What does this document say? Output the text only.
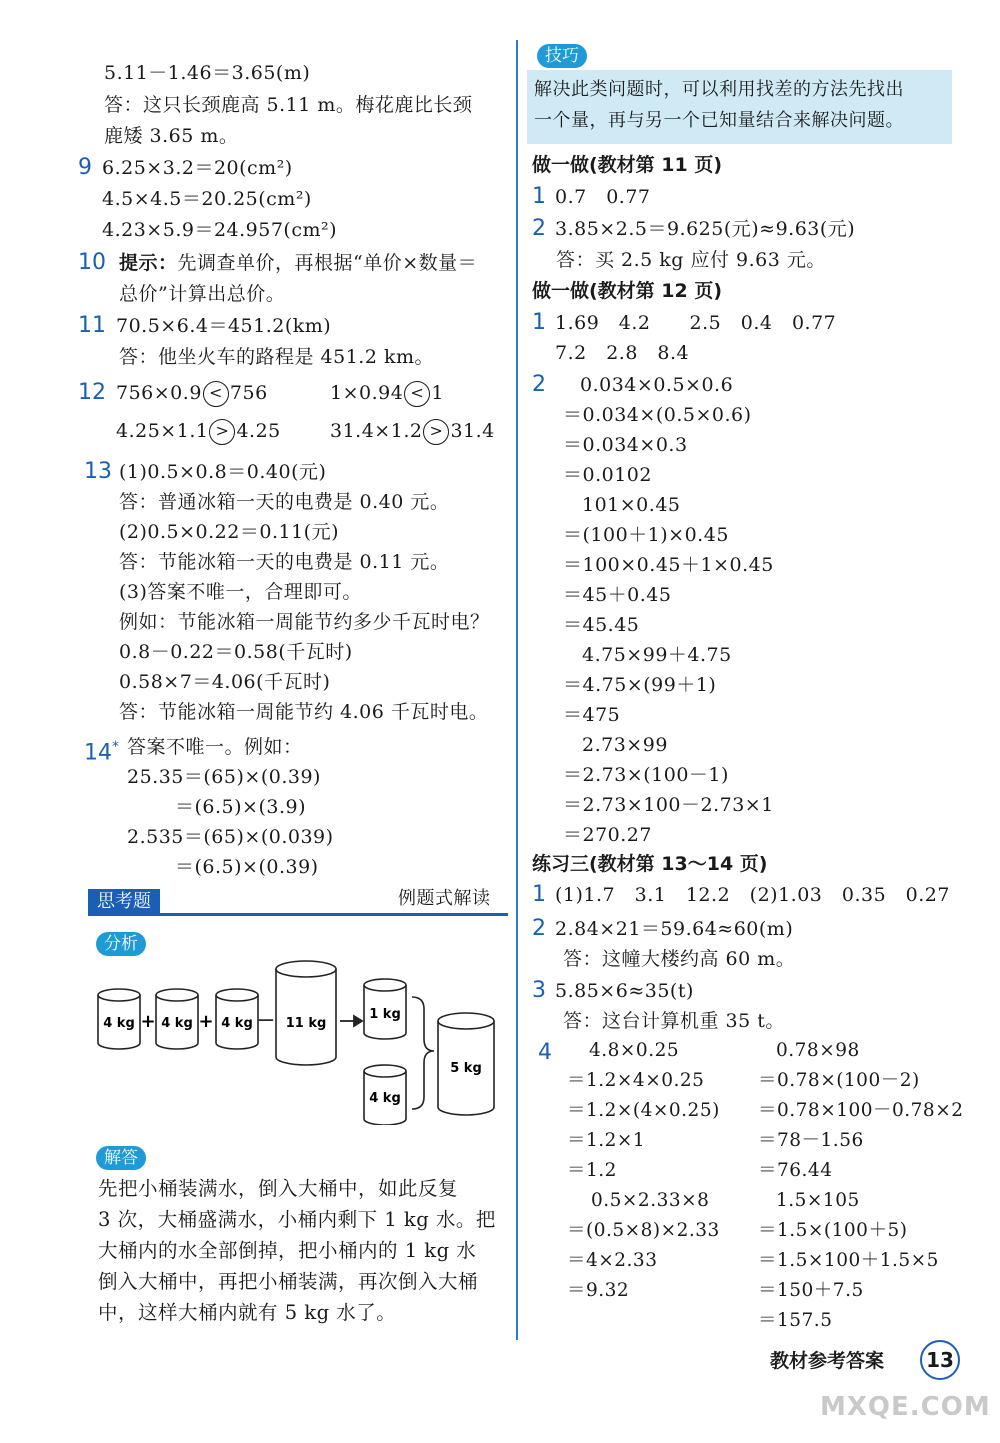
5.11－1.46＝3.65(m)
答：这只长颈鹿高 5.11 m。梅花鹿比长颈
鹿矮 3.65 m。
9 6.25×3.2＝20(cm²)
4.5×4.5＝20.25(cm²)
4.23×5.9＝24.957(cm²)
10 提示：先调查单价，再根据“单价×数量＝
总价”计算出总价。
11 70.5×6.4＝451.2(km)
答：他坐火车的路程是 451.2 km。
12 756×0.9 < 756	1×0.94 < 1
4.25×1.1 > 4.25	31.4×1.2 > 31.4
13 (1)0.5×0.8＝0.40(元)
答：普通冰箱一天的电费是 0.40 元。
(2)0.5×0.22＝0.11(元)
答：节能冰箱一天的电费是 0.11 元。
(3)答案不唯一，合理即可。
例如：节能冰箱一周能节约多少千瓦时电？
0.8－0.22＝0.58(千瓦时)
0.58×7＝4.06(千瓦时)
答：节能冰箱一周能节约 4.06 千瓦时电。
14* 答案不唯一。例如：
25.35＝(65)×(0.39)
＝(6.5)×(3.9)
2.535＝(65)×(0.039)
＝(6.5)×(0.39)
思考题	例题式解读
分析
4 kg + 4 kg + 4 kg － 11 kg
1 kg
4 kg
5 kg
解答
先把小桶装满水，倒入大桶中，如此反复
3 次，大桶盛满水，小桶内剩下 1 kg 水。把
大桶内的水全部倒掉，把小桶内的 1 kg 水
倒入大桶中，再把小桶装满，再次倒入大桶
中，这样大桶内就有 5 kg 水了。
技巧
解决此类问题时，可以利用找差的方法先找出
一个量，再与另一个已知量结合来解决问题。
做一做(教材第 11 页)
1 0.7　0.77
2 3.85×2.5＝9.625(元)≈9.63(元)
答：买 2.5 kg 应付 9.63 元。
做一做(教材第 12 页)
1 1.69　4.2　　2.5　0.4　0.77
7.2　2.8　8.4
2 0.034×0.5×0.6
＝0.034×(0.5×0.6)
＝0.034×0.3
＝0.0102
101×0.45
＝(100＋1)×0.45
＝100×0.45＋1×0.45
＝45＋0.45
＝45.45
4.75×99＋4.75
＝4.75×(99＋1)
＝475
2.73×99
＝2.73×(100－1)
＝2.73×100－2.73×1
＝270.27
练习三(教材第 13～14 页)
1 (1)1.7　3.1　12.2　(2)1.03　0.35　0.27
2 2.84×21＝59.64≈60(m)
答：这幢大楼约高 60 m。
3 5.85×6≈35(t)
答：这台计算机重 35 t。
4 4.8×0.25
＝1.2×4×0.25
＝1.2×(4×0.25)
＝1.2×1
＝1.2
0.5×2.33×8
＝(0.5×8)×2.33
＝4×2.33
＝9.32
0.78×98
＝0.78×(100－2)
＝0.78×100－0.78×2
＝78－1.56
＝76.44
1.5×105
＝1.5×(100＋5)
＝1.5×100＋1.5×5
＝150＋7.5
＝157.5
教材参考答案	13
MXQE.COM
